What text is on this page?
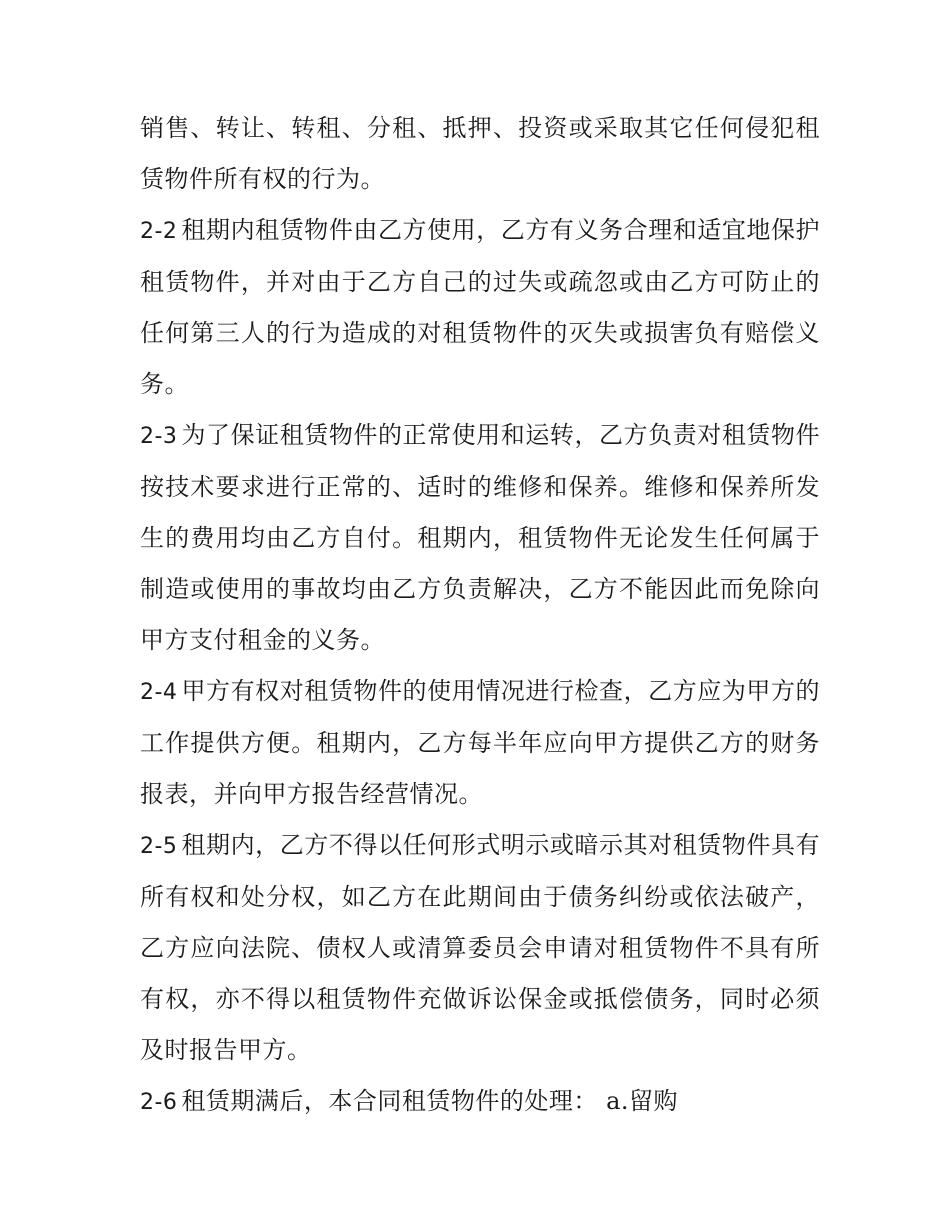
销售、转让、转租、分租、抵押、投资或采取其它任何侵犯租赁物件所有权的行为。

2-2 租期内租赁物件由乙方使用，乙方有义务合理和适宜地保护租赁物件，并对由于乙方自己的过失或疏忽或由乙方可防止的任何第三人的行为造成的对租赁物件的灭失或损害负有赔偿义务。

2-3 为了保证租赁物件的正常使用和运转，乙方负责对租赁物件按技术要求进行正常的、适时的维修和保养。维修和保养所发生的费用均由乙方自付。租期内，租赁物件无论发生任何属于制造或使用的事故均由乙方负责解决，乙方不能因此而免除向甲方支付租金的义务。

2-4 甲方有权对租赁物件的使用情况进行检查，乙方应为甲方的工作提供方便。租期内，乙方每半年应向甲方提供乙方的财务报表，并向甲方报告经营情况。

2-5 租期内，乙方不得以任何形式明示或暗示其对租赁物件具有所有权和处分权，如乙方在此期间由于债务纠纷或依法破产，乙方应向法院、债权人或清算委员会申请对租赁物件不具有所有权，亦不得以租赁物件充做诉讼保金或抵偿债务，同时必须及时报告甲方。

2-6 租赁期满后，本合同租赁物件的处理： a.留购
